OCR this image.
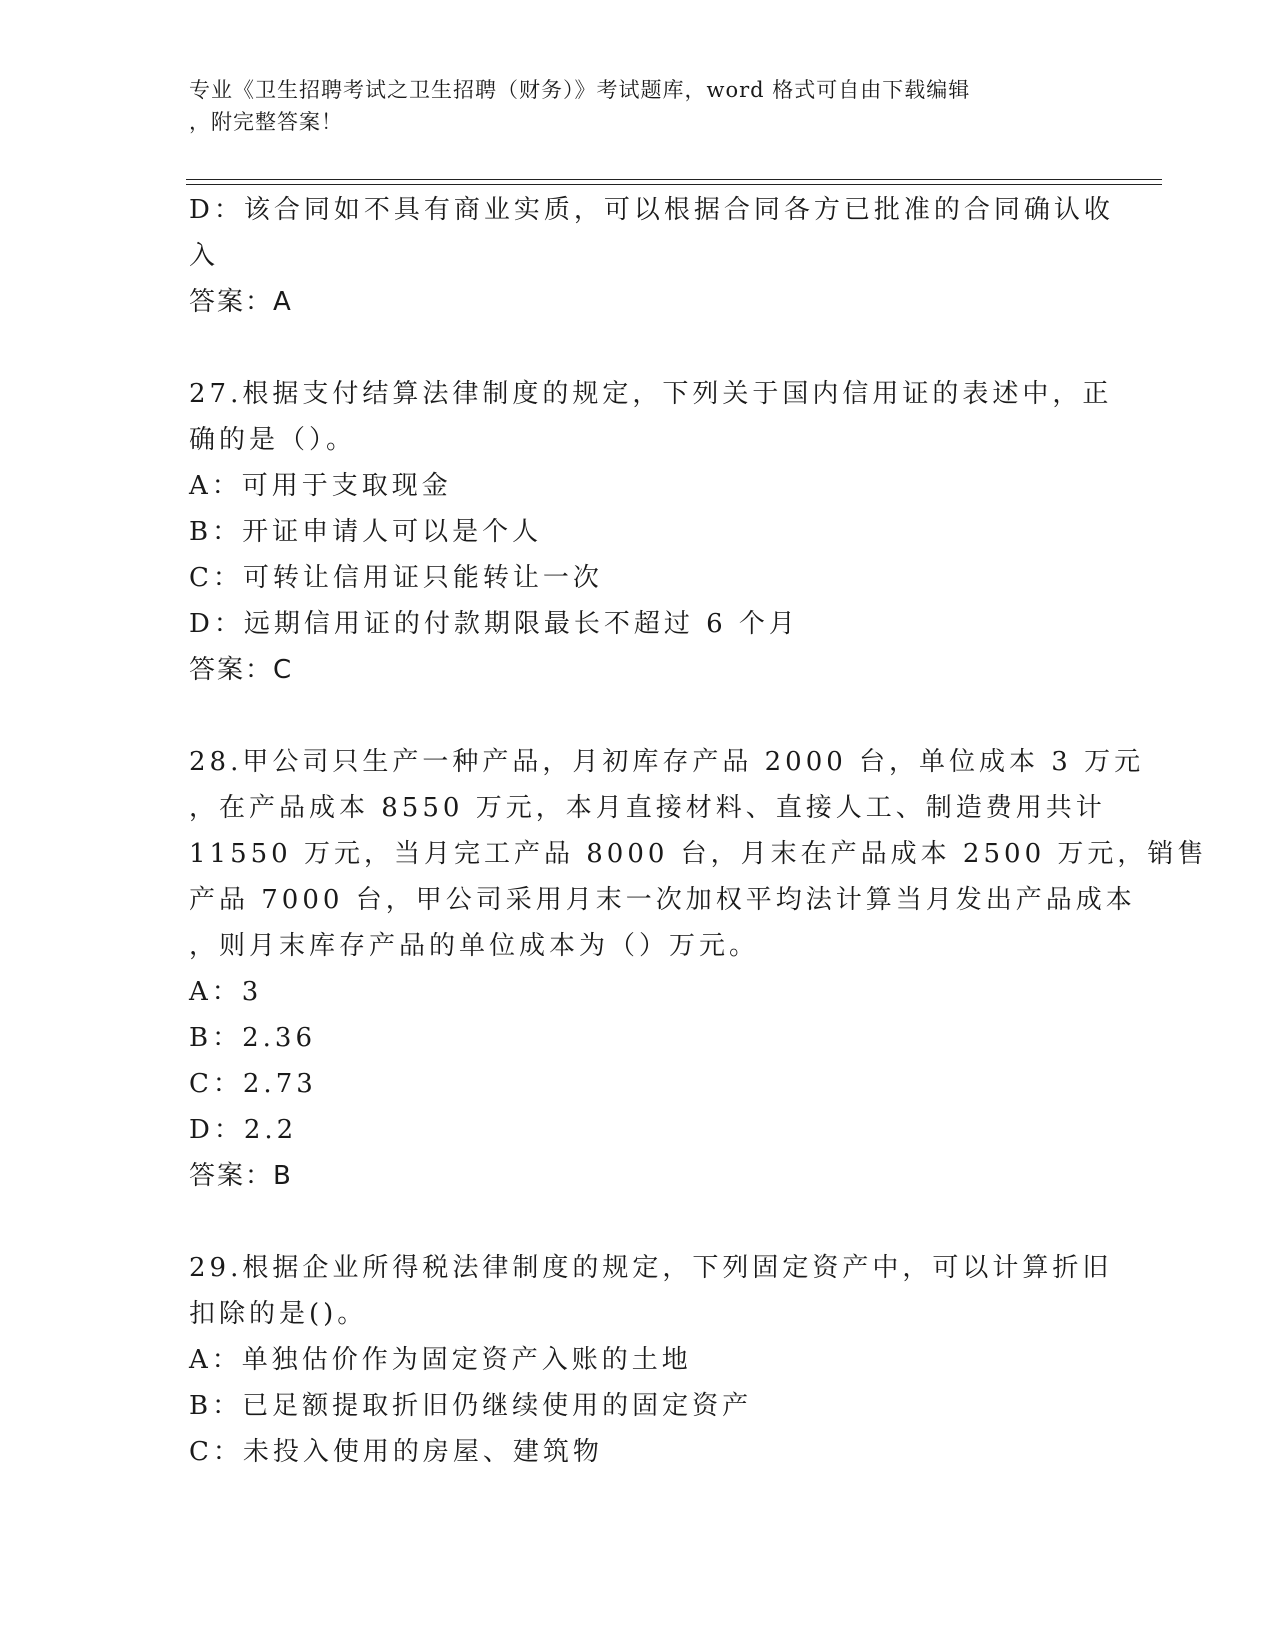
专业《卫生招聘考试之卫生招聘（财务）》考试题库，word 格式可自由下载编辑
，附完整答案！
D：该合同如不具有商业实质，可以根据合同各方已批准的合同确认收
入
答案：A
27.根据支付结算法律制度的规定，下列关于国内信用证的表述中，正
确的是（）。
A：可用于支取现金
B：开证申请人可以是个人
C：可转让信用证只能转让一次
D：远期信用证的付款期限最长不超过 6 个月
答案：C
28.甲公司只生产一种产品，月初库存产品 2000 台，单位成本 3 万元
，在产品成本 8550 万元，本月直接材料、直接人工、制造费用共计
11550 万元，当月完工产品 8000 台，月末在产品成本 2500 万元，销售
产品 7000 台，甲公司采用月末一次加权平均法计算当月发出产品成本
，则月末库存产品的单位成本为（）万元。
A：3
B：2.36
C：2.73
D：2.2
答案：B
29.根据企业所得税法律制度的规定，下列固定资产中，可以计算折旧
扣除的是()。
A：单独估价作为固定资产入账的土地
B：已足额提取折旧仍继续使用的固定资产
C：未投入使用的房屋、建筑物
